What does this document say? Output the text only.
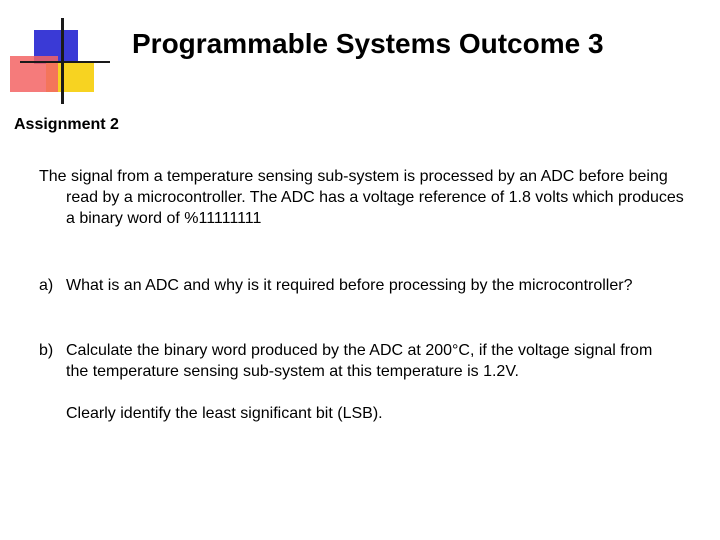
Programmable Systems Outcome 3
Assignment 2
The signal from a temperature sensing sub-system is processed by an ADC before being read by a microcontroller. The ADC has a voltage reference of 1.8 volts which produces a binary word of %11111111
a) What is an ADC and why is it required before processing by the microcontroller?
b) Calculate the binary word produced by the ADC at 200°C, if the voltage signal from the temperature sensing sub-system at this temperature is 1.2V.
Clearly identify the least significant bit (LSB).
